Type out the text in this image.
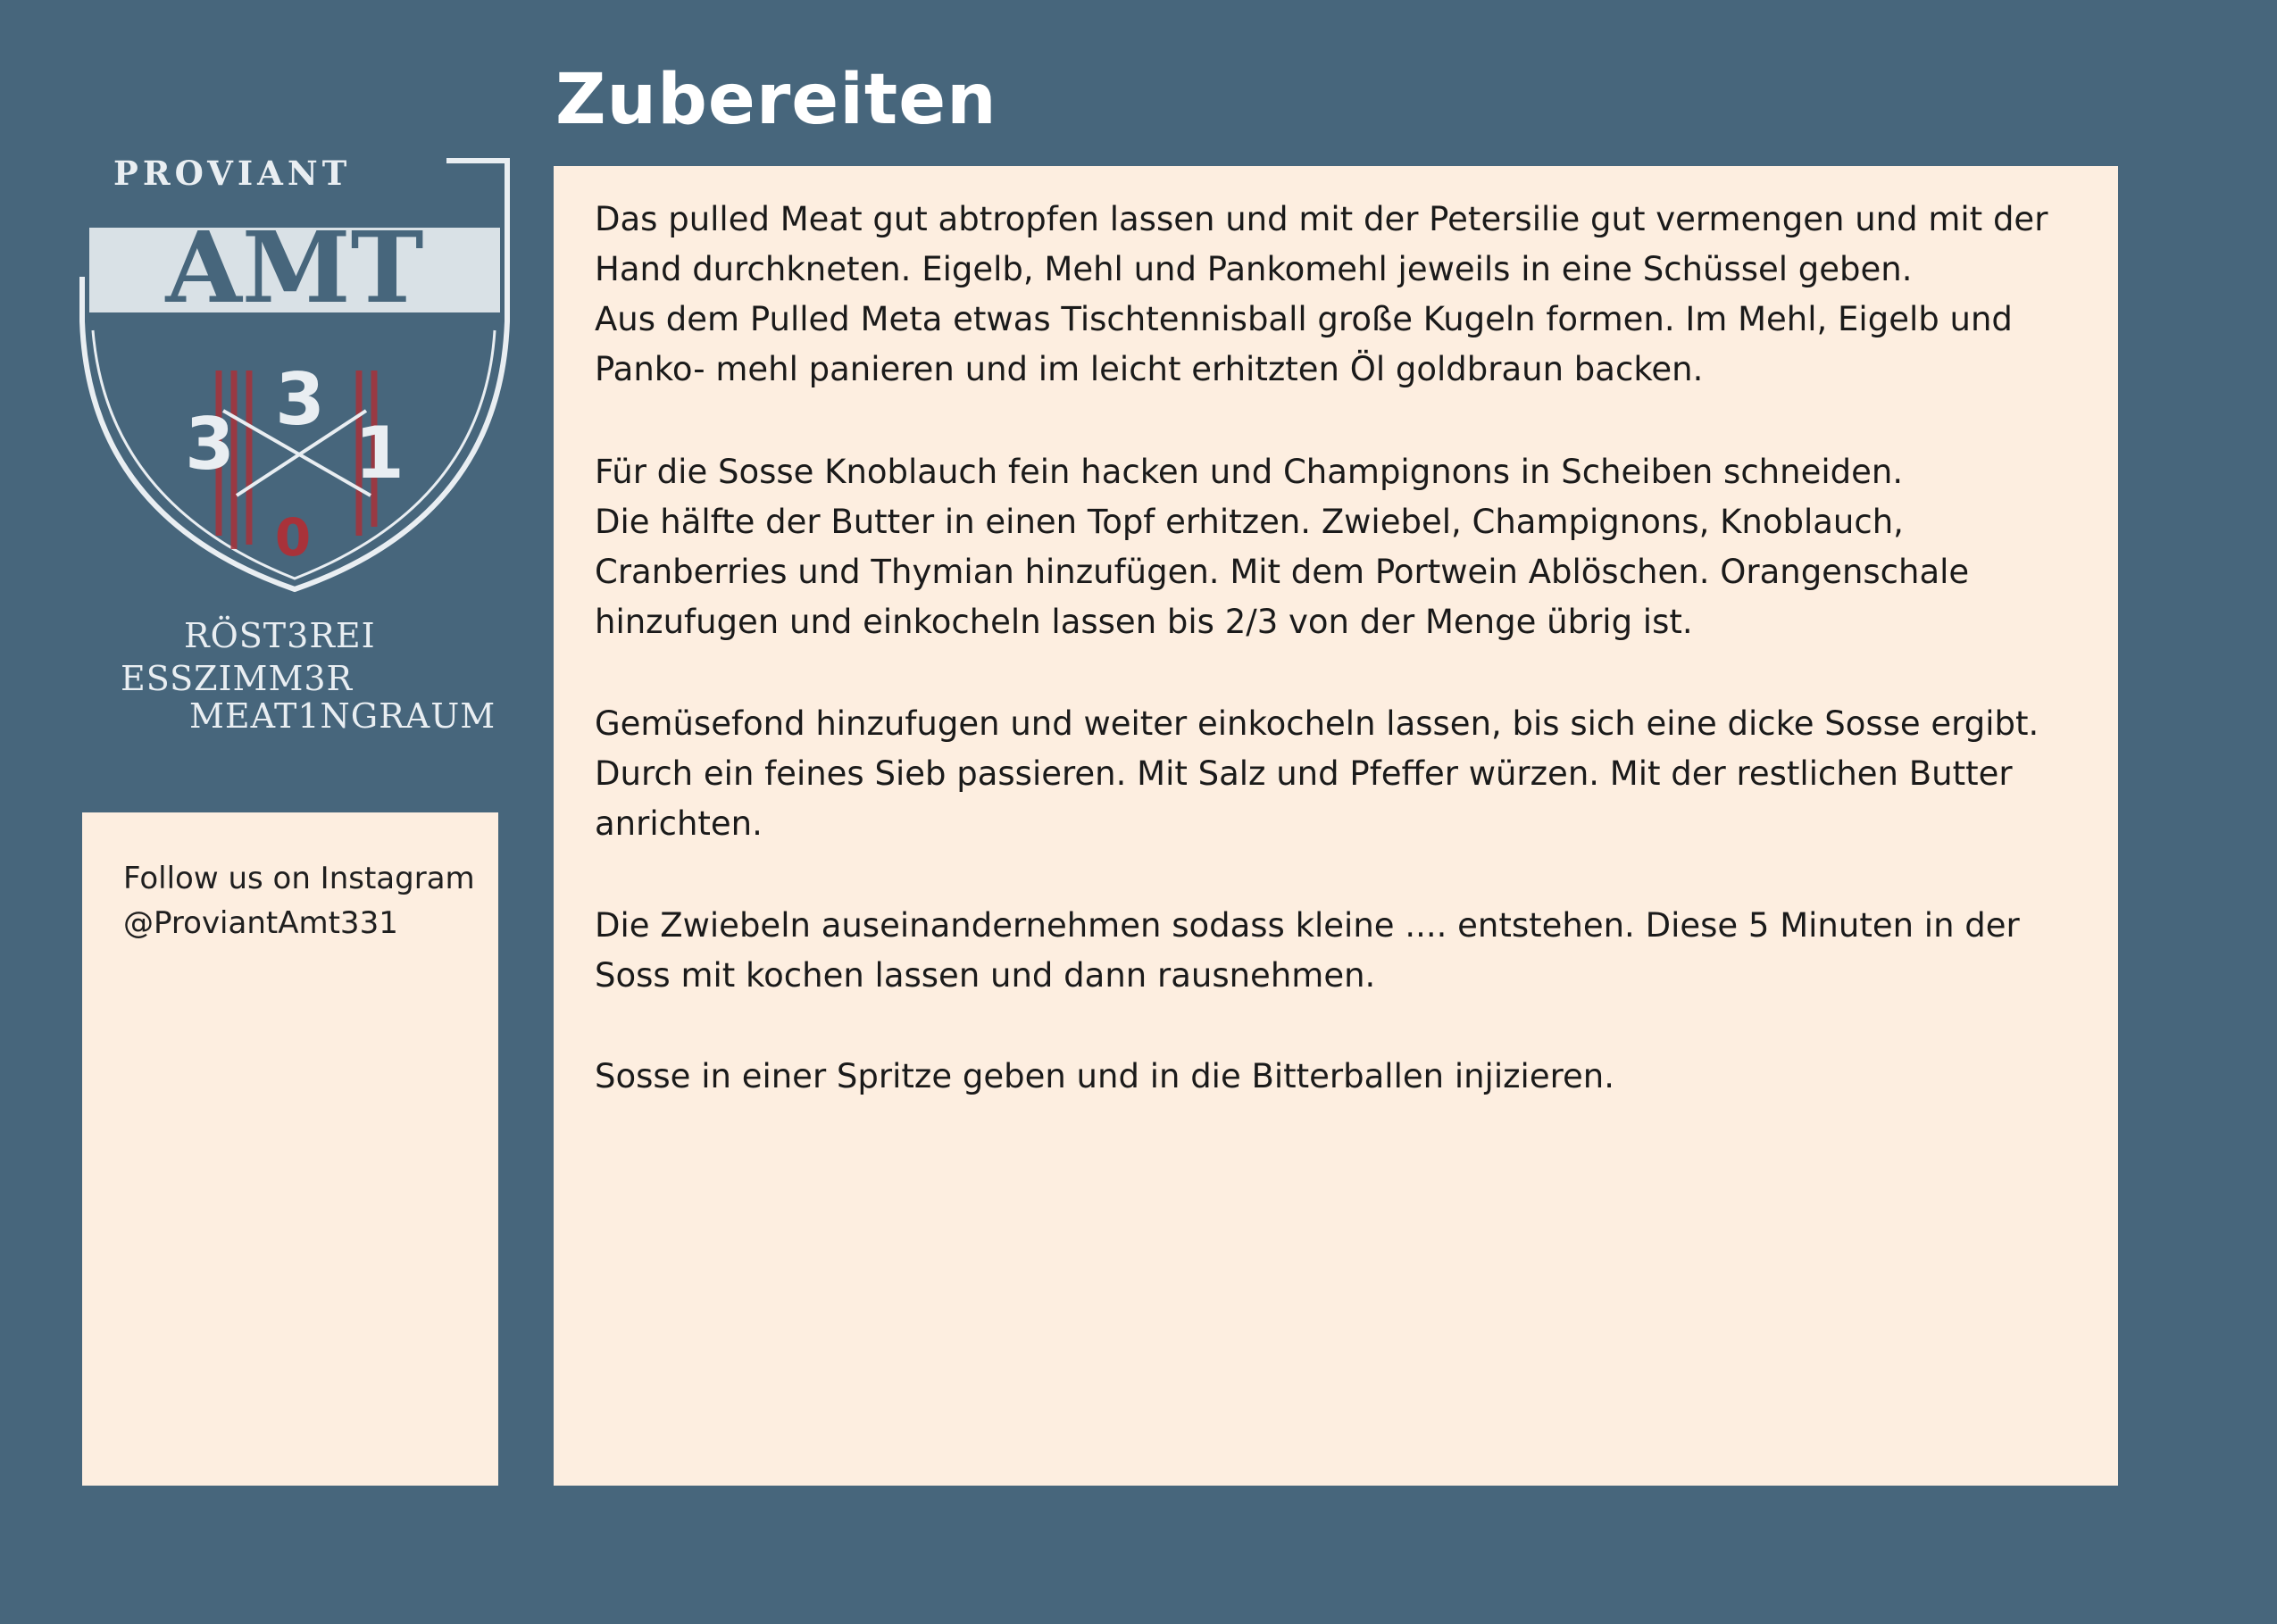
Zubereiten
PROVIANT
AMT
3
3 1
0
RÖST3REI
ESSZIMM3R
MEAT1NGRAUM
Follow us on Instagram
@ProviantAmt331

Das pulled Meat gut abtropfen lassen und mit der Petersilie gut vermengen und mit der
Hand durchkneten. Eigelb, Mehl und Pankomehl jeweils in eine Schüssel geben.
Aus dem Pulled Meta etwas Tischtennisball große Kugeln formen. Im Mehl, Eigelb und
Panko- mehl panieren und im leicht erhitzten Öl goldbraun backen.

Für die Sosse Knoblauch fein hacken und Champignons in Scheiben schneiden.
Die hälfte der Butter in einen Topf erhitzen. Zwiebel, Champignons, Knoblauch,
Cranberries und Thymian hinzufügen. Mit dem Portwein Ablöschen. Orangenschale
hinzufugen und einkocheln lassen bis 2/3 von der Menge übrig ist.

Gemüsefond hinzufugen und weiter einkocheln lassen, bis sich eine dicke Sosse ergibt.
Durch ein feines Sieb passieren. Mit Salz und Pfeffer würzen. Mit der restlichen Butter
anrichten.

Die Zwiebeln auseinandernehmen sodass kleine .... entstehen. Diese 5 Minuten in der
Soss mit kochen lassen und dann rausnehmen.

Sosse in einer Spritze geben und in die Bitterballen injizieren.
